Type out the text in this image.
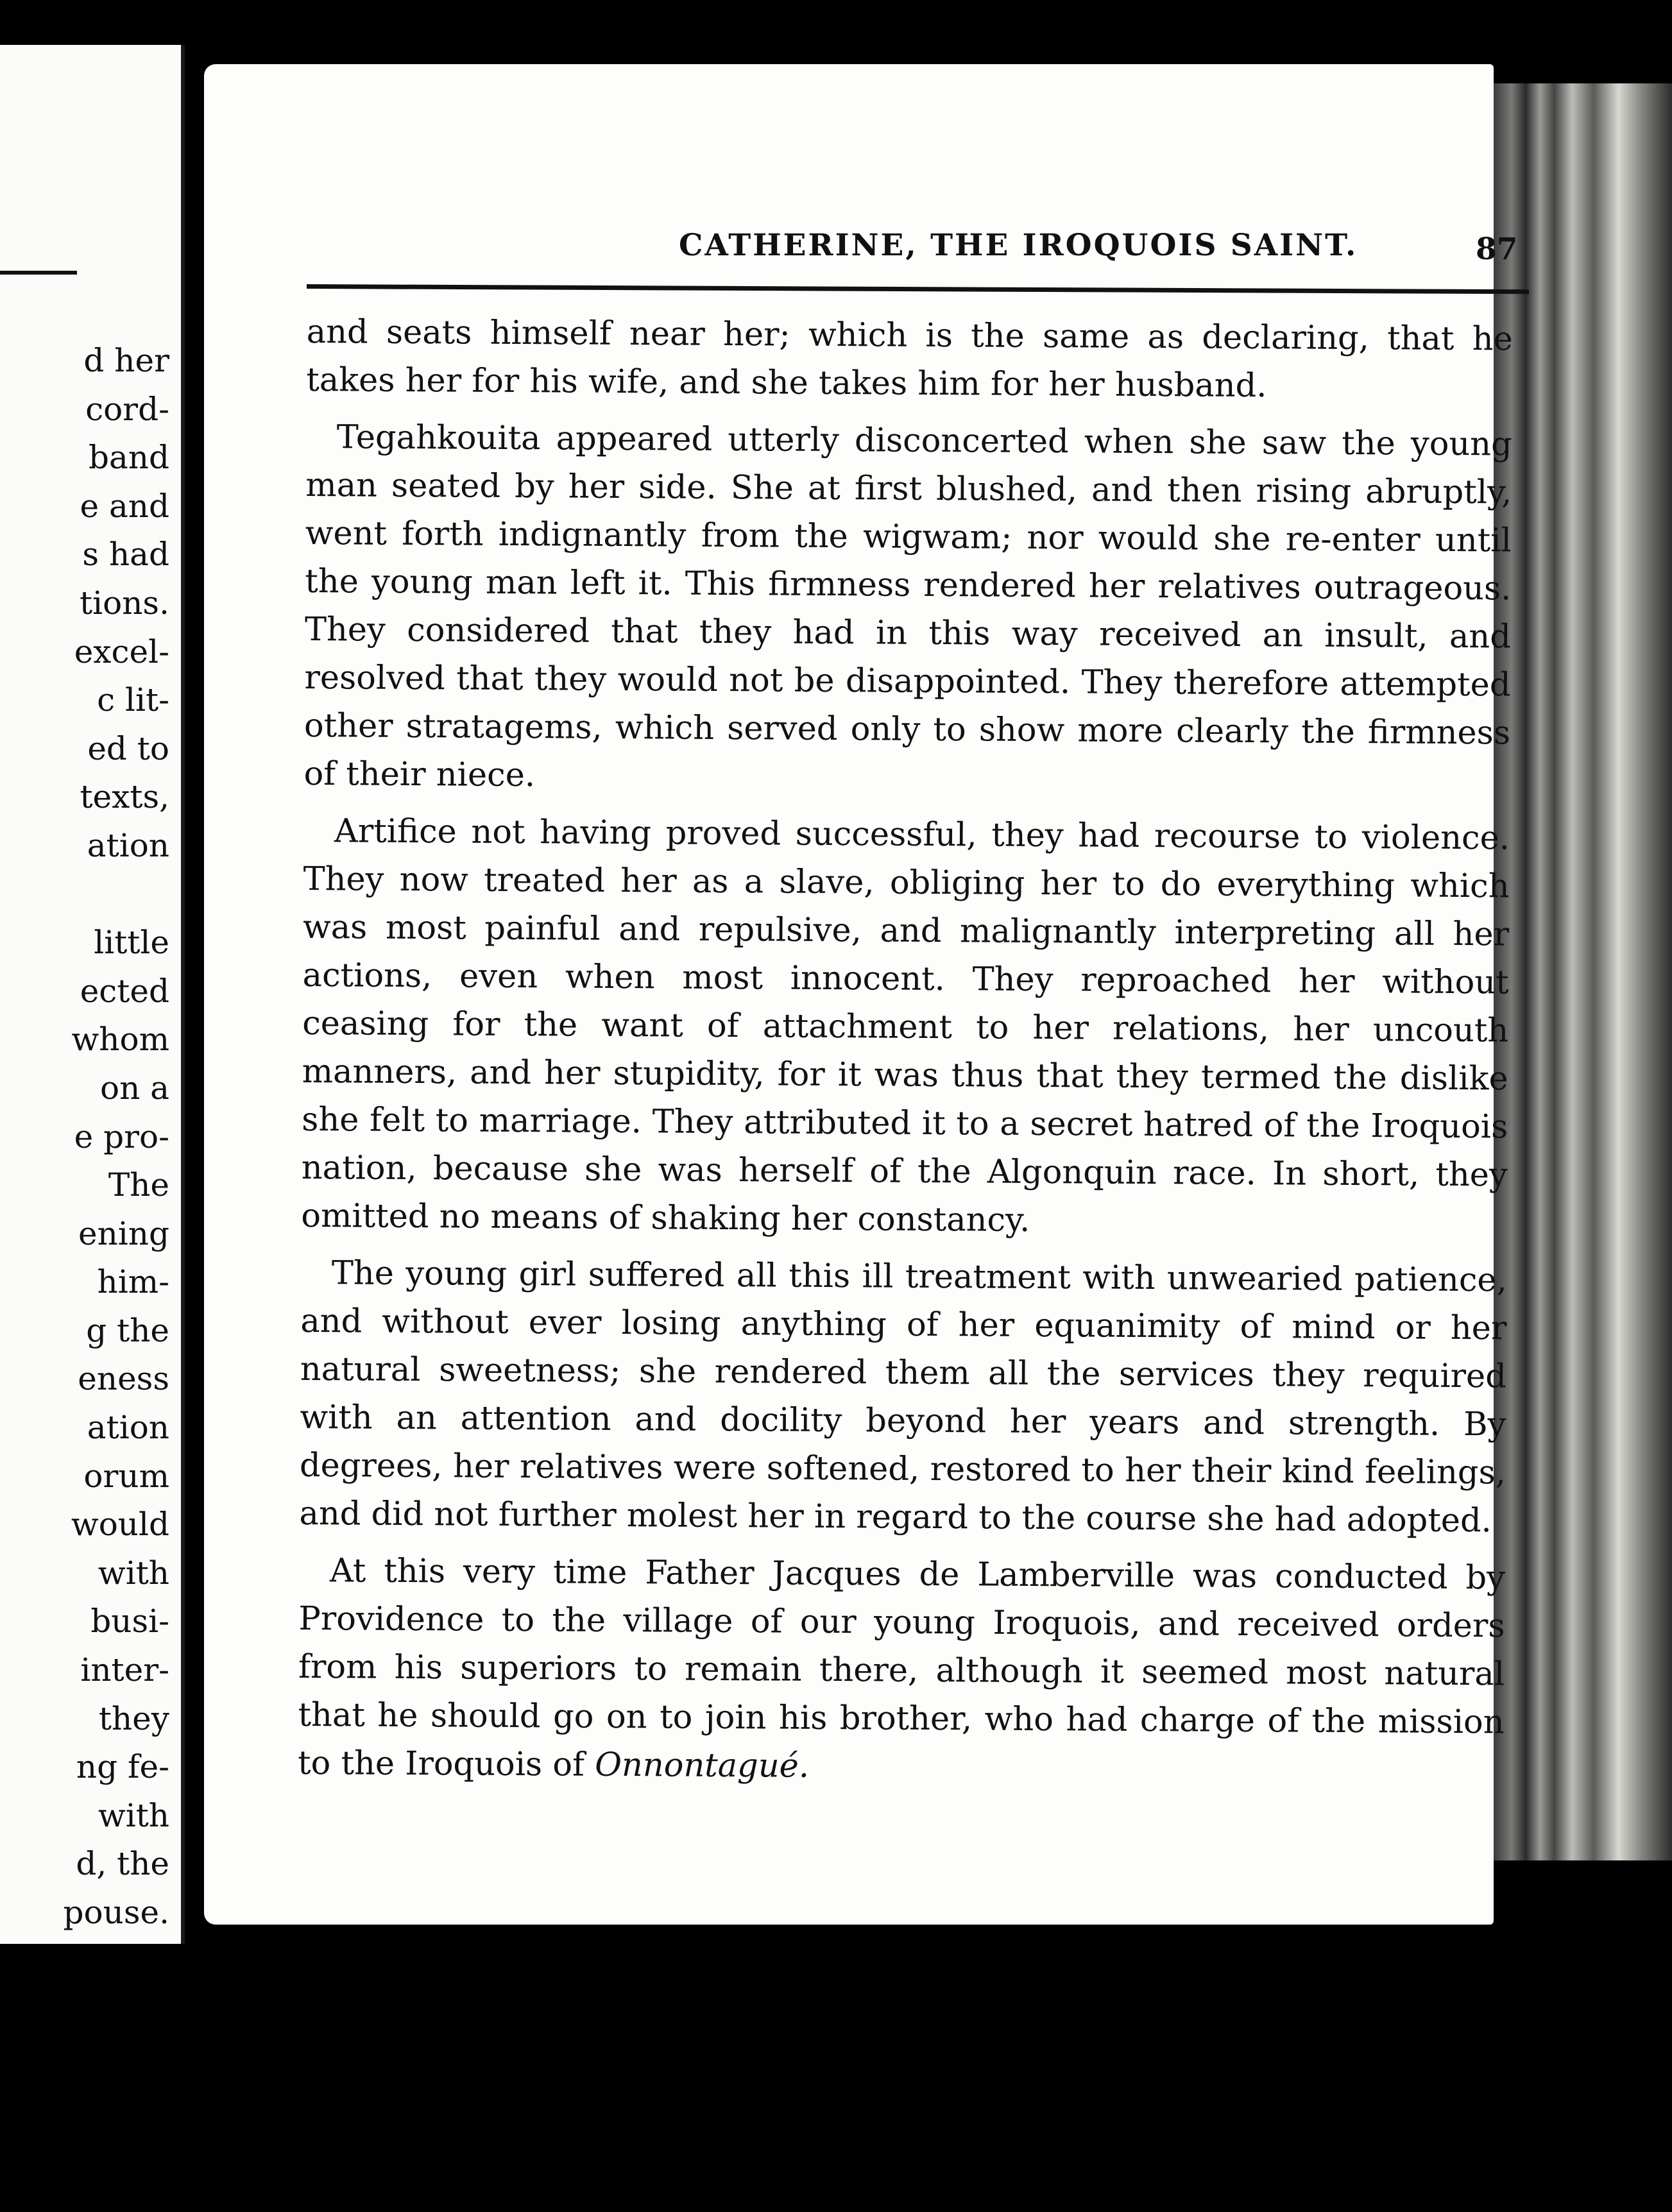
d her
cord-
band
e and
s had
tions.
excel-
c lit-
ed to
texts,
ation

little
ected
whom
on a
e pro-
The
ening
him-
g the
eness
ation
orum
would
with
busi-
inter-
they
ng fe-
with
d, the
pouse.
CATHERINE, THE IROQUOIS SAINT.	87

and seats himself near her; which is the same as declaring, that he takes her for his wife, and she takes him for her husband.

Tegahkouita appeared utterly disconcerted when she saw the young man seated by her side. She at first blushed, and then rising abruptly, went forth indignantly from the wigwam; nor would she re-enter until the young man left it. This firmness rendered her relatives outrageous. They considered that they had in this way received an insult, and resolved that they would not be disappointed. They therefore attempted other stratagems, which served only to show more clearly the firmness of their niece.

Artifice not having proved successful, they had recourse to violence. They now treated her as a slave, obliging her to do everything which was most painful and repulsive, and malignantly interpreting all her actions, even when most innocent. They reproached her without ceasing for the want of attachment to her relations, her uncouth manners, and her stupidity, for it was thus that they termed the dislike she felt to marriage. They attributed it to a secret hatred of the Iroquois nation, because she was herself of the Algonquin race. In short, they omitted no means of shaking her constancy.

The young girl suffered all this ill treatment with unwearied patience, and without ever losing anything of her equanimity of mind or her natural sweetness; she rendered them all the services they required with an attention and docility beyond her years and strength. By degrees, her relatives were softened, restored to her their kind feelings, and did not further molest her in regard to the course she had adopted.

At this very time Father Jacques de Lamberville was conducted by Providence to the village of our young Iroquois, and received orders from his superiors to remain there, although it seemed most natural that he should go on to join his brother, who had charge of the mission to the Iroquois of Onnontagué.
